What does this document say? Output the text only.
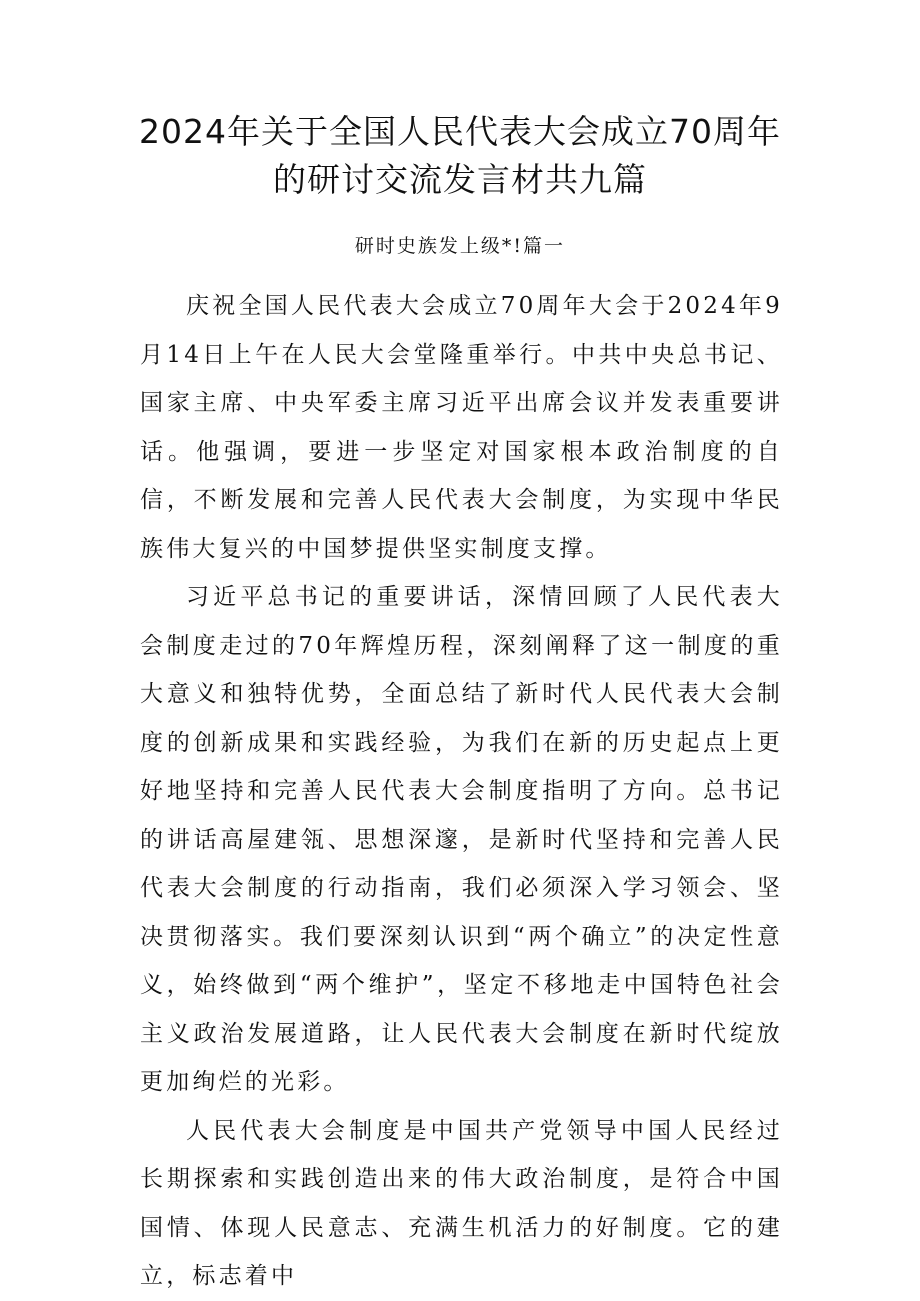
2024年关于全国人民代表大会成立70周年
的研讨交流发言材共九篇
研时史族发上级*!篇一

庆祝全国人民代表大会成立70周年大会于2024年9月14日上午在人民大会堂隆重举行。中共中央总书记、国家主席、中央军委主席习近平出席会议并发表重要讲话。他强调，要进一步坚定对国家根本政治制度的自信，不断发展和完善人民代表大会制度，为实现中华民族伟大复兴的中国梦提供坚实制度支撑。

习近平总书记的重要讲话，深情回顾了人民代表大会制度走过的70年辉煌历程，深刻阐释了这一制度的重大意义和独特优势，全面总结了新时代人民代表大会制度的创新成果和实践经验，为我们在新的历史起点上更好地坚持和完善人民代表大会制度指明了方向。总书记的讲话高屋建瓴、思想深邃，是新时代坚持和完善人民代表大会制度的行动指南，我们必须深入学习领会、坚决贯彻落实。我们要深刻认识到“两个确立”的决定性意义，始终做到“两个维护”，坚定不移地走中国特色社会主义政治发展道路，让人民代表大会制度在新时代绽放更加绚烂的光彩。

人民代表大会制度是中国共产党领导中国人民经过长期探索和实践创造出来的伟大政治制度，是符合中国国情、体现人民意志、充满生机活力的好制度。它的建立，标志着中
